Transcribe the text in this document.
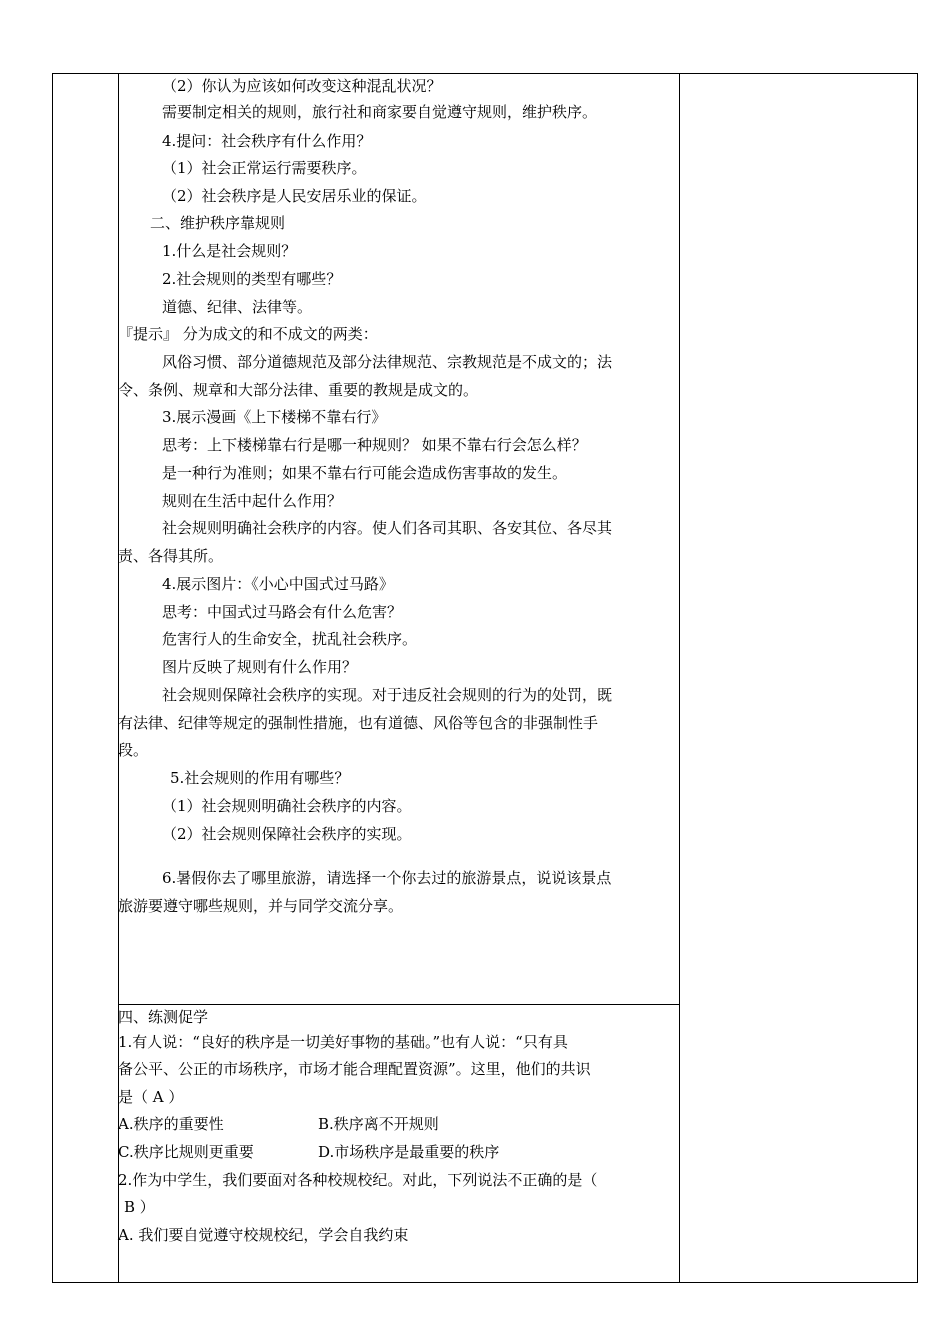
（2）你认为应该如何改变这种混乱状况？
需要制定相关的规则，旅行社和商家要自觉遵守规则，维护秩序。
4.提问：社会秩序有什么作用？
（1）社会正常运行需要秩序。
（2）社会秩序是人民安居乐业的保证。
二、维护秩序靠规则
1.什么是社会规则？
2.社会规则的类型有哪些？
道德、纪律、法律等。
『提示』 分为成文的和不成文的两类：
风俗习惯、部分道德规范及部分法律规范、宗教规范是不成文的；法
令、条例、规章和大部分法律、重要的教规是成文的。
3.展示漫画《上下楼梯不靠右行》
思考：上下楼梯靠右行是哪一种规则？ 如果不靠右行会怎么样？
是一种行为准则；如果不靠右行可能会造成伤害事故的发生。
规则在生活中起什么作用？
社会规则明确社会秩序的内容。使人们各司其职、各安其位、各尽其
责、各得其所。
4.展示图片：《小心中国式过马路》
思考：中国式过马路会有什么危害？
危害行人的生命安全，扰乱社会秩序。
图片反映了规则有什么作用？
社会规则保障社会秩序的实现。对于违反社会规则的行为的处罚，既
有法律、纪律等规定的强制性措施，也有道德、风俗等包含的非强制性手
段。
5.社会规则的作用有哪些？
（1）社会规则明确社会秩序的内容。
（2）社会规则保障社会秩序的实现。
6.暑假你去了哪里旅游，请选择一个你去过的旅游景点，说说该景点
旅游要遵守哪些规则，并与同学交流分享。
四、练测促学
1.有人说：“良好的秩序是一切美好事物的基础。”也有人说：“只有具
备公平、公正的市场秩序，市场才能合理配置资源”。这里，他们的共识
是（ A ）
A.秩序的重要性	B.秩序离不开规则
C.秩序比规则更重要	D.市场秩序是最重要的秩序
2.作为中学生，我们要面对各种校规校纪。对此，下列说法不正确的是（
B ）
A. 我们要自觉遵守校规校纪，学会自我约束
